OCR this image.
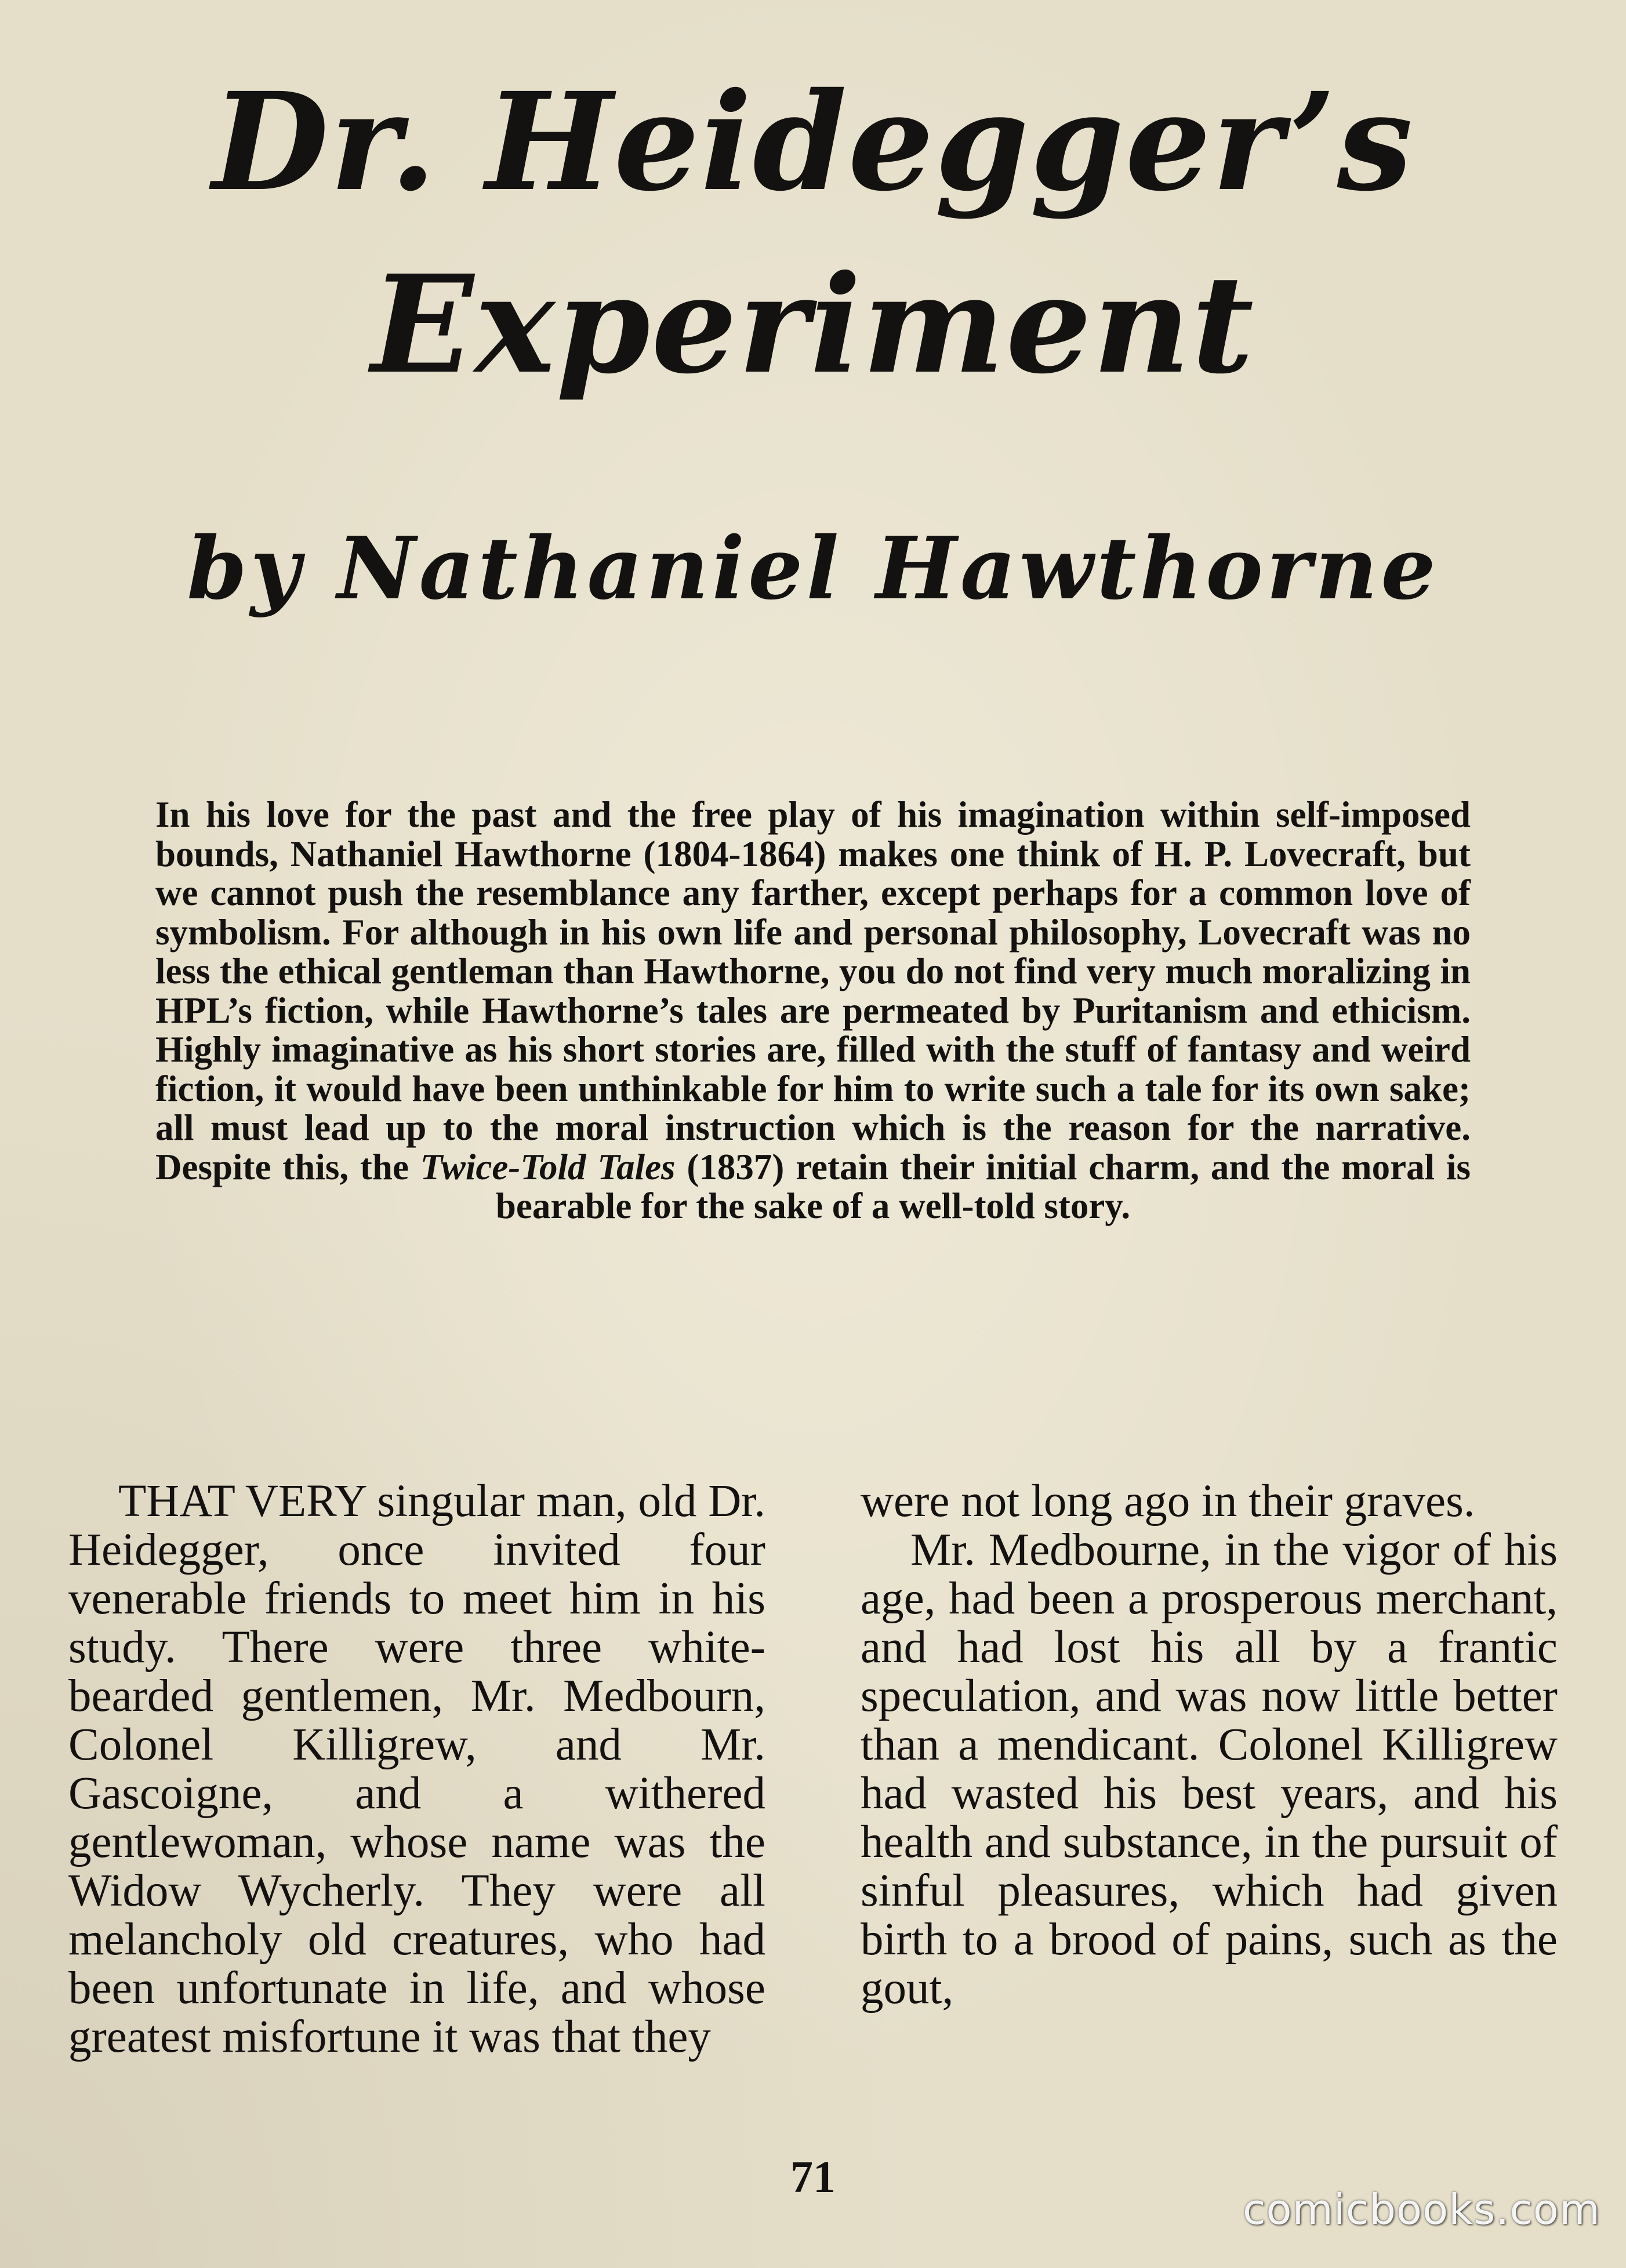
Dr. Heidegger’s
Experiment
by Nathaniel Hawthorne
In his love for the past and the free play of his imagination within self-imposed bounds, Nathaniel Hawthorne (1804-1864) makes one think of H. P. Lovecraft, but we cannot push the resemblance any farther, except perhaps for a common love of symbolism. For although in his own life and personal philosophy, Lovecraft was no less the ethical gentleman than Hawthorne, you do not find very much moralizing in HPL’s fiction, while Hawthorne’s tales are permeated by Puritanism and ethicism. Highly imaginative as his short stories are, filled with the stuff of fantasy and weird fiction, it would have been unthinkable for him to write such a tale for its own sake; all must lead up to the moral instruction which is the reason for the narrative. Despite this, the Twice-Told Tales (1837) retain their initial charm, and the moral is bearable for the sake of a well-told story.

THAT VERY singular man, old Dr. Heidegger, once invited four venerable friends to meet him in his study. There were three white-bearded gentlemen, Mr. Medbourn, Colonel Killigrew, and Mr. Gascoigne, and a withered gentlewoman, whose name was the Widow Wycherly. They were all melancholy old creatures, who had been unfortunate in life, and whose greatest misfortune it was that they

were not long ago in their graves.

Mr. Medbourne, in the vigor of his age, had been a prosperous merchant, and had lost his all by a frantic speculation, and was now little better than a mendicant. Colonel Killigrew had wasted his best years, and his health and substance, in the pursuit of sinful pleasures, which had given birth to a brood of pains, such as the gout,

71
comicbooks.com
